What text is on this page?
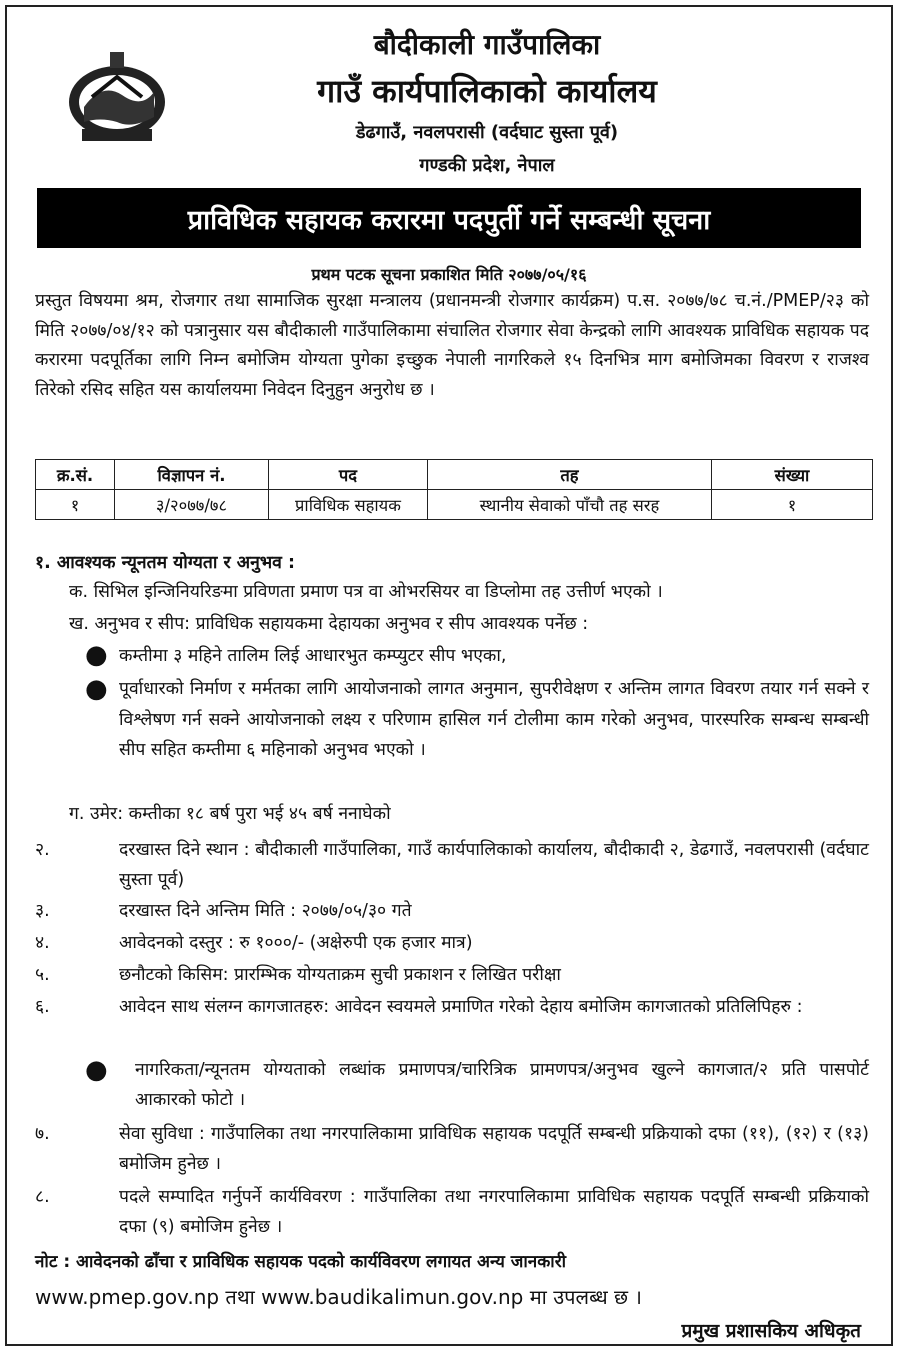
बौदीकाली गाउँपालिका
गाउँ कार्यपालिकाको कार्यालय
डेढगाउँ, नवलपरासी (वर्दघाट सुस्ता पूर्व)
गण्डकी प्रदेश, नेपाल
प्राविधिक सहायक करारमा पदपुर्ती गर्ने सम्बन्धी सूचना
प्रथम पटक सूचना प्रकाशित मिति २०७७/०५/१६
प्रस्तुत विषयमा श्रम, रोजगार तथा सामाजिक सुरक्षा मन्त्रालय (प्रधानमन्त्री रोजगार कार्यक्रम) प.स. २०७७/७८ च.नं./PMEP/२३ को मिति २०७७/०४/१२ को पत्रानुसार यस बौदीकाली गाउँपालिकामा संचालित रोजगार सेवा केन्द्रको लागि आवश्यक प्राविधिक सहायक पद करारमा पदपूर्तिका लागि निम्न बमोजिम योग्यता पुगेका इच्छुक नेपाली नागरिकले १५ दिनभित्र माग बमोजिमका विवरण र राजश्व तिरेको रसिद सहित यस कार्यालयमा निवेदन दिनुहुन अनुरोध छ ।
क्र.सं.	विज्ञापन नं.	पद	तह	संख्या
१	३/२०७७/७८	प्राविधिक सहायक	स्थानीय सेवाको पाँचौ तह सरह	१
१. आवश्यक न्यूनतम योग्यता र अनुभव :
क. सिभिल इन्जिनियरिङमा प्रविणता प्रमाण पत्र वा ओभरसियर वा डिप्लोमा तह उत्तीर्ण भएको ।
ख. अनुभव र सीप: प्राविधिक सहायकमा देहायका अनुभव र सीप आवश्यक पर्नेछ :
● कम्तीमा ३ महिने तालिम लिई आधारभुत कम्प्युटर सीप भएका,
● पूर्वाधारको निर्माण र मर्मतका लागि आयोजनाको लागत अनुमान, सुपरीवेक्षण र अन्तिम लागत विवरण तयार गर्न सक्ने र विश्लेषण गर्न सक्ने आयोजनाको लक्ष्य र परिणाम हासिल गर्न टोलीमा काम गरेको अनुभव, पारस्परिक सम्बन्ध सम्बन्धी सीप सहित कम्तीमा ६ महिनाको अनुभव भएको ।
ग. उमेर: कम्तीका १८ बर्ष पुरा भई ४५ बर्ष ननाघेको
२.	दरखास्त दिने स्थान : बौदीकाली गाउँपालिका, गाउँ कार्यपालिकाको कार्यालय, बौदीकादी २, डेढगाउँ, नवलपरासी (वर्दघाट सुस्ता पूर्व)
३.	दरखास्त दिने अन्तिम मिति : २०७७/०५/३० गते
४.	आवेदनको दस्तुर : रु १०००/- (अक्षेरुपी एक हजार मात्र)
५.	छनौटको किसिम: प्रारम्भिक योग्यताक्रम सुची प्रकाशन र लिखित परीक्षा
६.	आवेदन साथ संलग्न कागजातहरु: आवेदन स्वयमले प्रमाणित गरेको देहाय बमोजिम कागजातको प्रतिलिपिहरु :
● नागरिकता/न्यूनतम योग्यताको लब्धांक प्रमाणपत्र/चारित्रिक प्रामणपत्र/अनुभव खुल्ने कागजात/२ प्रति पासपोर्ट आकारको फोटो ।
७.	सेवा सुविधा : गाउँपालिका तथा नगरपालिकामा प्राविधिक सहायक पदपूर्ति सम्बन्धी प्रक्रियाको दफा (११), (१२) र (१३) बमोजिम हुनेछ ।
८.	पदले सम्पादित गर्नुपर्ने कार्यविवरण : गाउँपालिका तथा नगरपालिकामा प्राविधिक सहायक पदपूर्ति सम्बन्धी प्रक्रियाको दफा (९) बमोजिम हुनेछ ।
नोट : आवेदनको ढाँचा र प्राविधिक सहायक पदको कार्यविवरण लगायत अन्य जानकारी
www.pmep.gov.np तथा www.baudikalimun.gov.np मा उपलब्ध छ ।
प्रमुख प्रशासकिय अधिकृत
